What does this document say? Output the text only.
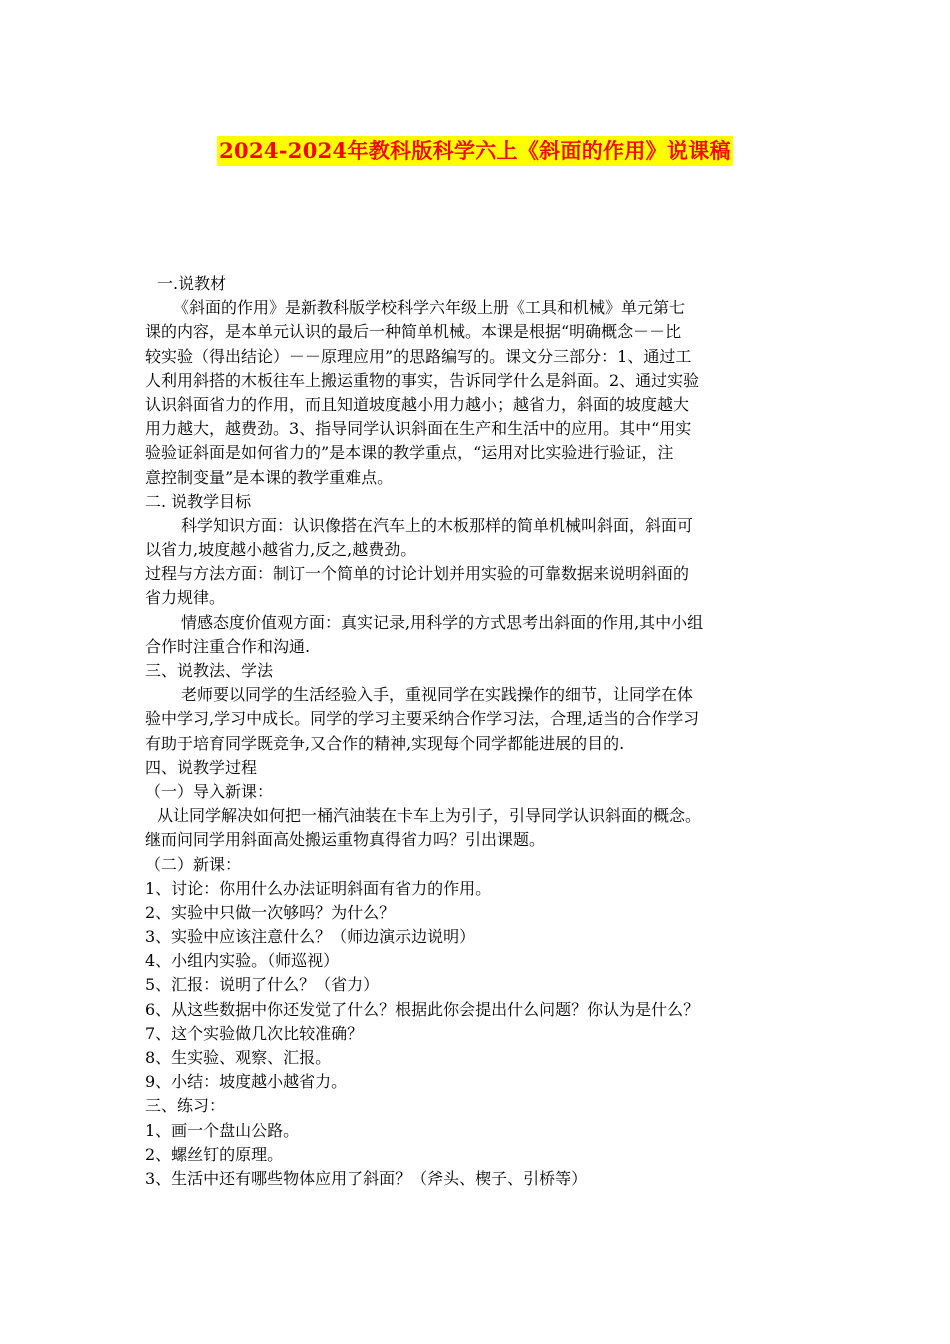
2024-2024年教科版科学六上《斜面的作用》说课稿
一.说教材
《斜面的作用》是新教科版学校科学六年级上册《工具和机械》单元第七
课的内容，是本单元认识的最后一种简单机械。本课是根据“明确概念－－比
较实验（得出结论）－－原理应用”的思路编写的。课文分三部分：1、通过工
人利用斜搭的木板往车上搬运重物的事实，告诉同学什么是斜面。2、通过实验
认识斜面省力的作用，而且知道坡度越小用力越小；越省力，斜面的坡度越大
用力越大，越费劲。3、指导同学认识斜面在生产和生活中的应用。其中“用实
验验证斜面是如何省力的”是本课的教学重点，“运用对比实验进行验证，注
意控制变量”是本课的教学重难点。
二. 说教学目标
科学知识方面：认识像搭在汽车上的木板那样的简单机械叫斜面，斜面可
以省力,坡度越小越省力,反之,越费劲。
过程与方法方面：制订一个简单的讨论计划并用实验的可靠数据来说明斜面的
省力规律。
情感态度价值观方面：真实记录,用科学的方式思考出斜面的作用,其中小组
合作时注重合作和沟通.
三、说教法、学法
老师要以同学的生活经验入手，重视同学在实践操作的细节，让同学在体
验中学习,学习中成长。同学的学习主要采纳合作学习法，合理,适当的合作学习
有助于培育同学既竞争,又合作的精神,实现每个同学都能进展的目的.
四、说教学过程
（一）导入新课：
从让同学解决如何把一桶汽油装在卡车上为引子，引导同学认识斜面的概念。
继而问同学用斜面高处搬运重物真得省力吗？引出课题。
（二）新课：
1、讨论：你用什么办法证明斜面有省力的作用。
2、实验中只做一次够吗？为什么？
3、实验中应该注意什么？（师边演示边说明）
4、小组内实验。（师巡视）
5、汇报：说明了什么？（省力）
6、从这些数据中你还发觉了什么？根据此你会提出什么问题？你认为是什么？
7、这个实验做几次比较准确？
8、生实验、观察、汇报。
9、小结：坡度越小越省力。
三、练习：
1、画一个盘山公路。
2、螺丝钉的原理。
3、生活中还有哪些物体应用了斜面？（斧头、楔子、引桥等）
